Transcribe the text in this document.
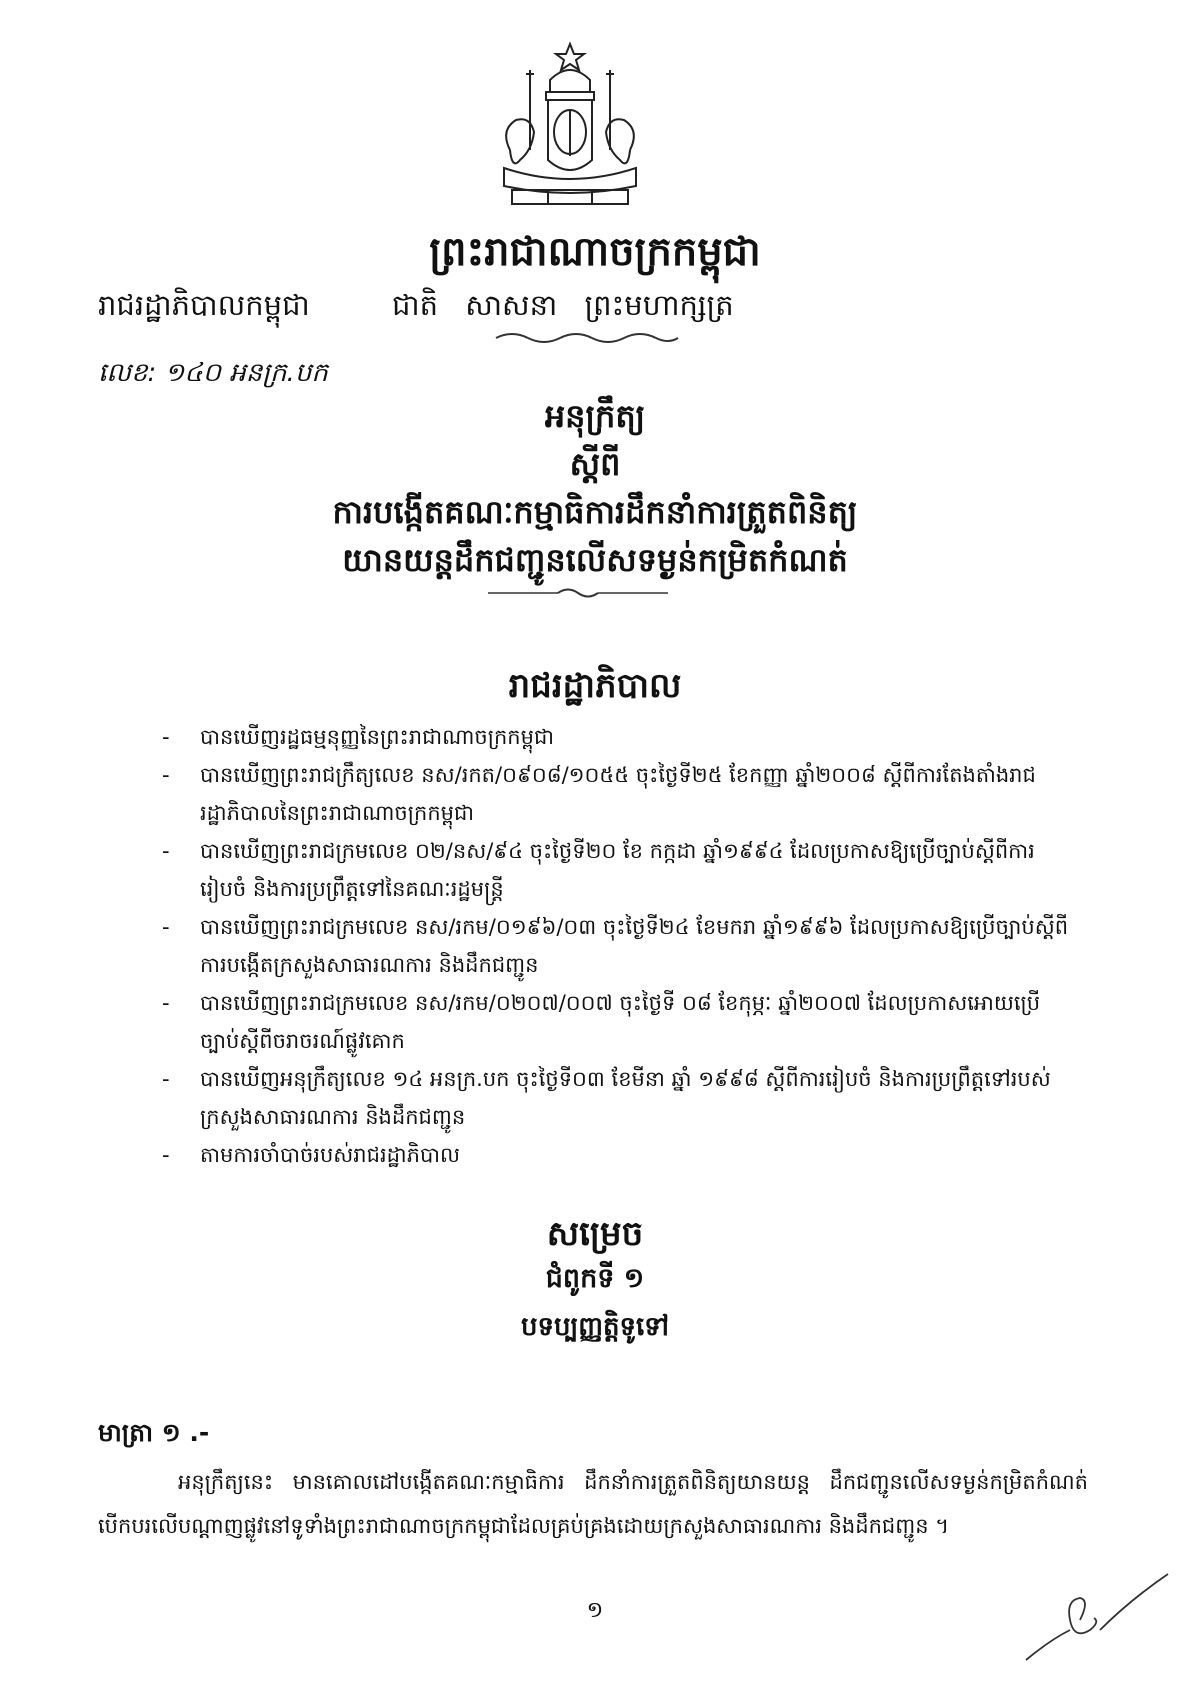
ព្រះរាជាណាចក្រកម្ពុជា
រាជរដ្ឋាភិបាលកម្ពុជា	ជាតិ សាសនា ព្រះមហាក្សត្រ
លេខ: ១៤០ អនក្រ.បក
អនុក្រឹត្យ
ស្តីពី
ការបង្កើតគណៈកម្មាធិការដឹកនាំការត្រួតពិនិត្យ
យានយន្តដឹកជញ្ជូនលើសទម្ងន់កម្រិតកំណត់
រាជរដ្ឋាភិបាល
- បានឃើញរដ្ឋធម្មនុញ្ញនៃព្រះរាជាណាចក្រកម្ពុជា
- បានឃើញព្រះរាជក្រឹត្យលេខ នស/រកត/០៩០៨/១០៥៥ ចុះថ្ងៃទី២៥ ខែកញ្ញា ឆ្នាំ២០០៨ ស្តីពីការតែងតាំងរាជរដ្ឋាភិបាលនៃព្រះរាជាណាចក្រកម្ពុជា
- បានឃើញព្រះរាជក្រមលេខ ០២/នស/៩៤ ចុះថ្ងៃទី២០ ខែ កក្កដា ឆ្នាំ១៩៩៤ ដែលប្រកាសឱ្យប្រើច្បាប់ស្តីពីការរៀបចំ និងការប្រព្រឹត្តទៅនៃគណៈរដ្ឋមន្ត្រី
- បានឃើញព្រះរាជក្រមលេខ នស/រកម/០១៩៦/០៣ ចុះថ្ងៃទី២៤ ខែមករា ឆ្នាំ១៩៩៦ ដែលប្រកាសឱ្យប្រើច្បាប់ស្តីពីការបង្កើតក្រសួងសាធារណការ និងដឹកជញ្ជូន
- បានឃើញព្រះរាជក្រមលេខ នស/រកម/០២០៧/០០៧ ចុះថ្ងៃទី ០៨ ខែកុម្ភៈ ឆ្នាំ២០០៧ ដែលប្រកាសអោយប្រើច្បាប់ស្តីពីចរាចរណ៍ផ្លូវគោក
- បានឃើញអនុក្រឹត្យលេខ ១៤ អនក្រ.បក ចុះថ្ងៃទី០៣ ខែមីនា ឆ្នាំ ១៩៩៨ ស្តីពីការរៀបចំ និងការប្រព្រឹត្តទៅរបស់ក្រសួងសាធារណការ និងដឹកជញ្ជូន
- តាមការចាំបាច់របស់រាជរដ្ឋាភិបាល
សម្រេច
ជំពូកទី ១
បទប្បញ្ញត្តិទូទៅ
មាត្រា ១ .-
អនុក្រឹត្យនេះ មានគោលដៅបង្កើតគណៈកម្មាធិការ ដឹកនាំការត្រួតពិនិត្យយានយន្ត ដឹកជញ្ជូនលើសទម្ងន់កម្រិតកំណត់បើកបរលើបណ្តាញផ្លូវនៅទូទាំងព្រះរាជាណាចក្រកម្ពុជាដែលគ្រប់គ្រងដោយក្រសួងសាធារណការ និងដឹកជញ្ជូន ។
១
